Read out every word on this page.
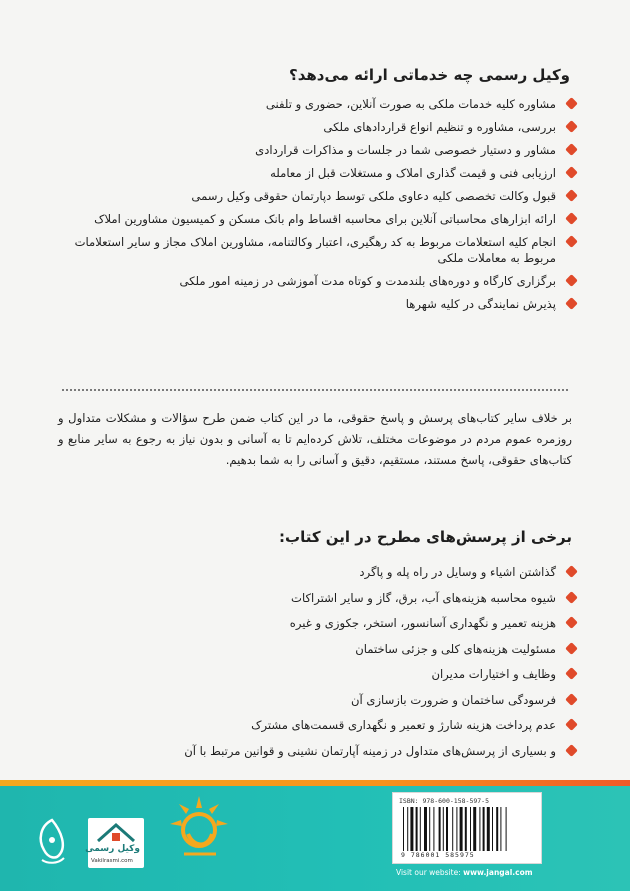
وکیل رسمی چه خدماتی ارائه می‌دهد؟
مشاوره کلیه خدمات ملکی به صورت آنلاین، حضوری و تلفنی
بررسی، مشاوره و تنظیم انواع قراردادهای ملکی
مشاور و دستیار خصوصی شما در جلسات و مذاکرات قراردادی
ارزیابی فنی و قیمت گذاری املاک و مستغلات قبل از معامله
قبول وکالت تخصصی کلیه دعاوی ملکی توسط دپارتمان حقوقی وکیل رسمی
ارائه ابزارهای محاسباتی آنلاین برای محاسبه اقساط وام بانک مسکن و کمیسیون مشاورین املاک
انجام کلیه استعلامات مربوط به کد رهگیری، اعتبار وکالتنامه، مشاورین املاک مجاز و سایر استعلامات مربوط به معاملات ملکی
برگزاری کارگاه و دوره‌های بلندمدت و کوتاه مدت آموزشی در زمینه امور ملکی
پذیرش نمایندگی در کلیه شهرها

بر خلاف سایر کتاب‌های پرسش و پاسخ حقوقی، ما در این کتاب ضمن طرح سؤالات و مشکلات متداول و روزمره عموم مردم در موضوعات مختلف، تلاش کرده‌ایم تا به آسانی و بدون نیاز به رجوع به سایر منابع و کتاب‌های حقوقی، پاسخ مستند، مستقیم، دقیق و آسانی را به شما بدهیم.

برخی از پرسش‌های مطرح در این کتاب:
گذاشتن اشیاء و وسایل در راه پله و پاگرد
شیوه محاسبه هزینه‌های آب، برق، گاز و سایر اشتراکات
هزینه تعمیر و نگهداری آسانسور، استخر، جکوزی و غیره
مسئولیت هزینه‌های کلی و جزئی ساختمان
وظایف و اختیارات مدیران
فرسودگی ساختمان و ضرورت بازسازی آن
عدم پرداخت هزینه شارژ و تعمیر و نگهداری قسمت‌های مشترک
و بسیاری از پرسش‌های متداول در زمینه آپارتمان نشینی و قوانین مرتبط با آن
وکیل رسمی
Vakilrasmi.com
ISBN: 978-600-158-597-5
9 786001 585975
Visit our website: www.jangal.com
